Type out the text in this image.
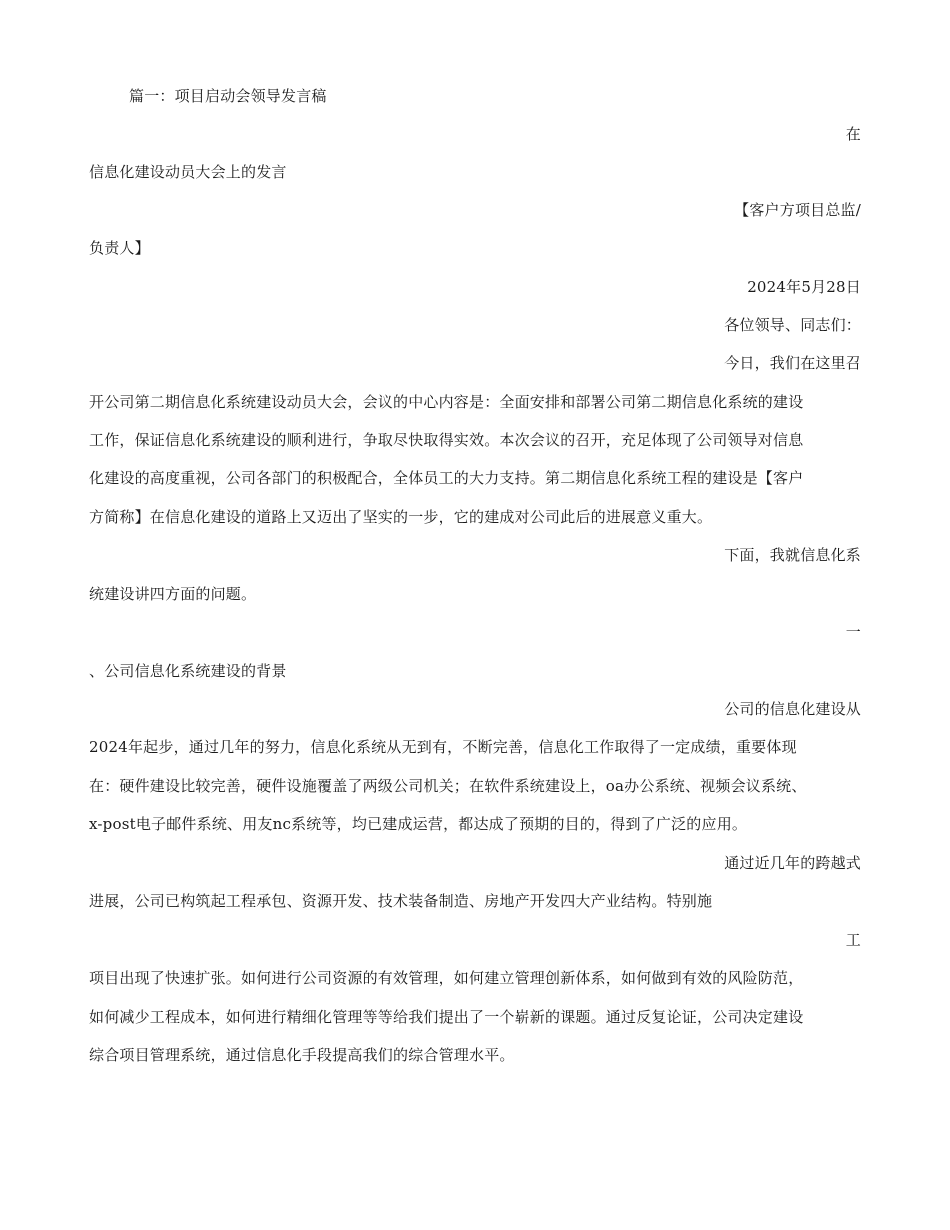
篇一：项目启动会领导发言稿
在
信息化建设动员大会上的发言
【客户方项目总监/
负责人】
2024年5月28日
各位领导、同志们：
今日，我们在这里召
开公司第二期信息化系统建设动员大会，会议的中心内容是：全面安排和部署公司第二期信息化系统的建设
工作，保证信息化系统建设的顺利进行，争取尽快取得实效。本次会议的召开，充足体现了公司领导对信息
化建设的高度重视，公司各部门的积极配合，全体员工的大力支持。第二期信息化系统工程的建设是【客户
方简称】在信息化建设的道路上又迈出了坚实的一步，它的建成对公司此后的进展意义重大。
下面，我就信息化系
统建设讲四方面的问题。
一
、公司信息化系统建设的背景
公司的信息化建设从
2024年起步，通过几年的努力，信息化系统从无到有，不断完善，信息化工作取得了一定成绩，重要体现
在：硬件建设比较完善，硬件设施覆盖了两级公司机关；在软件系统建设上，oa办公系统、视频会议系统、
x-post电子邮件系统、用友nc系统等，均已建成运营，都达成了预期的目的，得到了广泛的应用。
通过近几年的跨越式
进展，公司已构筑起工程承包、资源开发、技术装备制造、房地产开发四大产业结构。特别施
工
项目出现了快速扩张。如何进行公司资源的有效管理，如何建立管理创新体系，如何做到有效的风险防范，
如何减少工程成本，如何进行精细化管理等等给我们提出了一个崭新的课题。通过反复论证，公司决定建设
综合项目管理系统，通过信息化手段提高我们的综合管理水平。
